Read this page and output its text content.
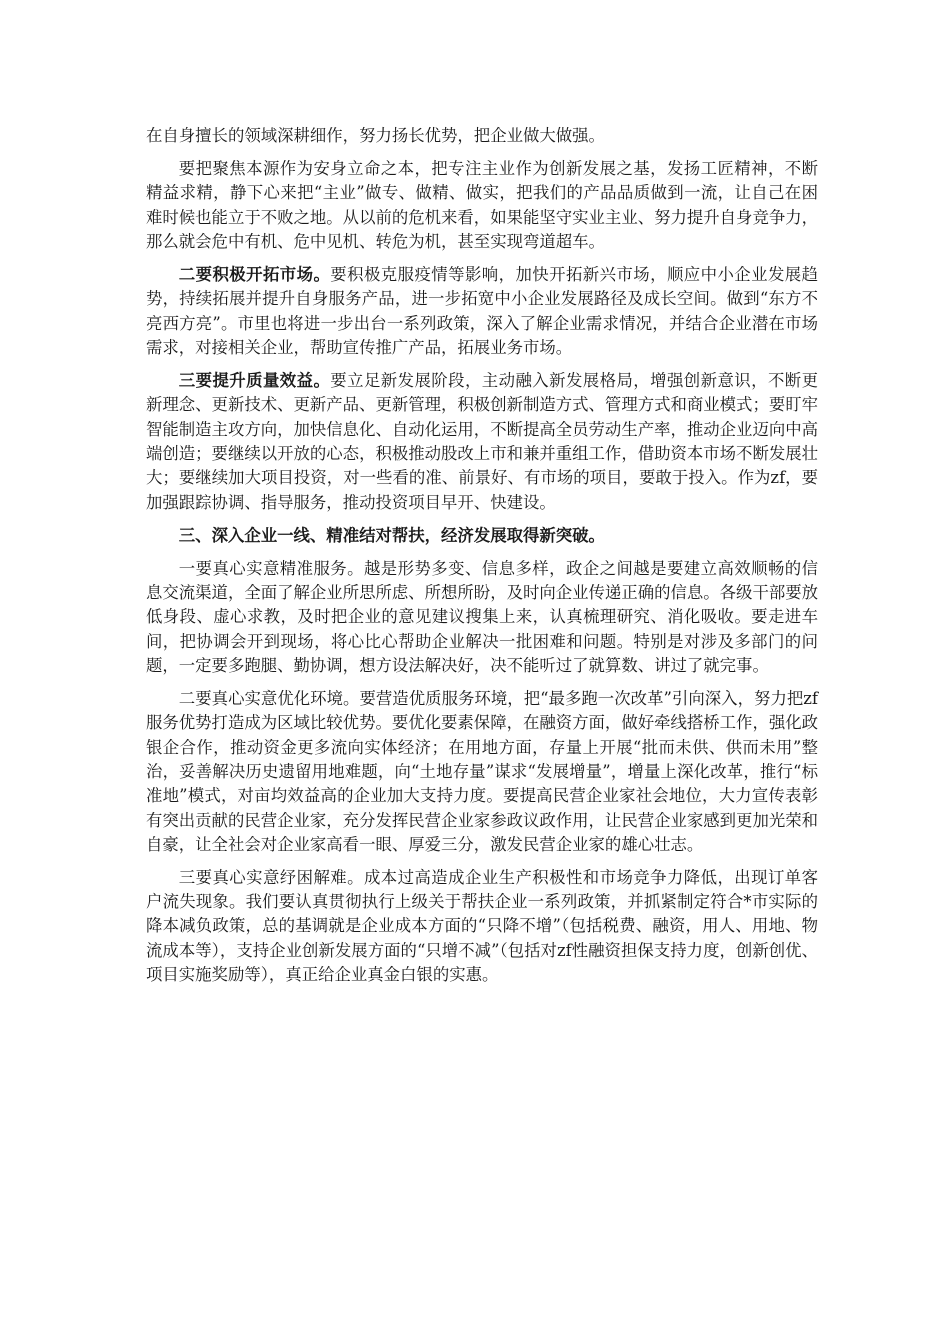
在自身擅长的领域深耕细作，努力扬长优势，把企业做大做强。

要把聚焦本源作为安身立命之本，把专注主业作为创新发展之基，发扬工匠精神，不断精益求精，静下心来把“主业”做专、做精、做实，把我们的产品品质做到一流，让自己在困难时候也能立于不败之地。从以前的危机来看，如果能坚守实业主业、努力提升自身竞争力，那么就会危中有机、危中见机、转危为机，甚至实现弯道超车。

二要积极开拓市场。要积极克服疫情等影响，加快开拓新兴市场，顺应中小企业发展趋势，持续拓展并提升自身服务产品，进一步拓宽中小企业发展路径及成长空间。做到“东方不亮西方亮”。市里也将进一步出台一系列政策，深入了解企业需求情况，并结合企业潜在市场需求，对接相关企业，帮助宣传推广产品，拓展业务市场。

三要提升质量效益。要立足新发展阶段，主动融入新发展格局，增强创新意识，不断更新理念、更新技术、更新产品、更新管理，积极创新制造方式、管理方式和商业模式；要盯牢智能制造主攻方向，加快信息化、自动化运用，不断提高全员劳动生产率，推动企业迈向中高端创造；要继续以开放的心态，积极推动股改上市和兼并重组工作，借助资本市场不断发展壮大；要继续加大项目投资，对一些看的准、前景好、有市场的项目，要敢于投入。作为zf，要加强跟踪协调、指导服务，推动投资项目早开、快建设。

三、深入企业一线、精准结对帮扶，经济发展取得新突破。

一要真心实意精准服务。越是形势多变、信息多样，政企之间越是要建立高效顺畅的信息交流渠道，全面了解企业所思所虑、所想所盼，及时向企业传递正确的信息。各级干部要放低身段、虚心求教，及时把企业的意见建议搜集上来，认真梳理研究、消化吸收。要走进车间，把协调会开到现场，将心比心帮助企业解决一批困难和问题。特别是对涉及多部门的问题，一定要多跑腿、勤协调，想方设法解决好，决不能听过了就算数、讲过了就完事。

二要真心实意优化环境。要营造优质服务环境，把“最多跑一次改革”引向深入，努力把zf服务优势打造成为区域比较优势。要优化要素保障，在融资方面，做好牵线搭桥工作，强化政银企合作，推动资金更多流向实体经济；在用地方面，存量上开展“批而未供、供而未用”整治，妥善解决历史遗留用地难题，向“土地存量”谋求“发展增量”，增量上深化改革，推行“标准地”模式，对亩均效益高的企业加大支持力度。要提高民营企业家社会地位，大力宣传表彰有突出贡献的民营企业家，充分发挥民营企业家参政议政作用，让民营企业家感到更加光荣和自豪，让全社会对企业家高看一眼、厚爱三分，激发民营企业家的雄心壮志。

三要真心实意纾困解难。成本过高造成企业生产积极性和市场竞争力降低，出现订单客户流失现象。我们要认真贯彻执行上级关于帮扶企业一系列政策，并抓紧制定符合*市实际的降本减负政策，总的基调就是企业成本方面的“只降不增”（包括税费、融资，用人、用地、物流成本等），支持企业创新发展方面的“只增不减”（包括对zf性融资担保支持力度，创新创优、项目实施奖励等），真正给企业真金白银的实惠。
